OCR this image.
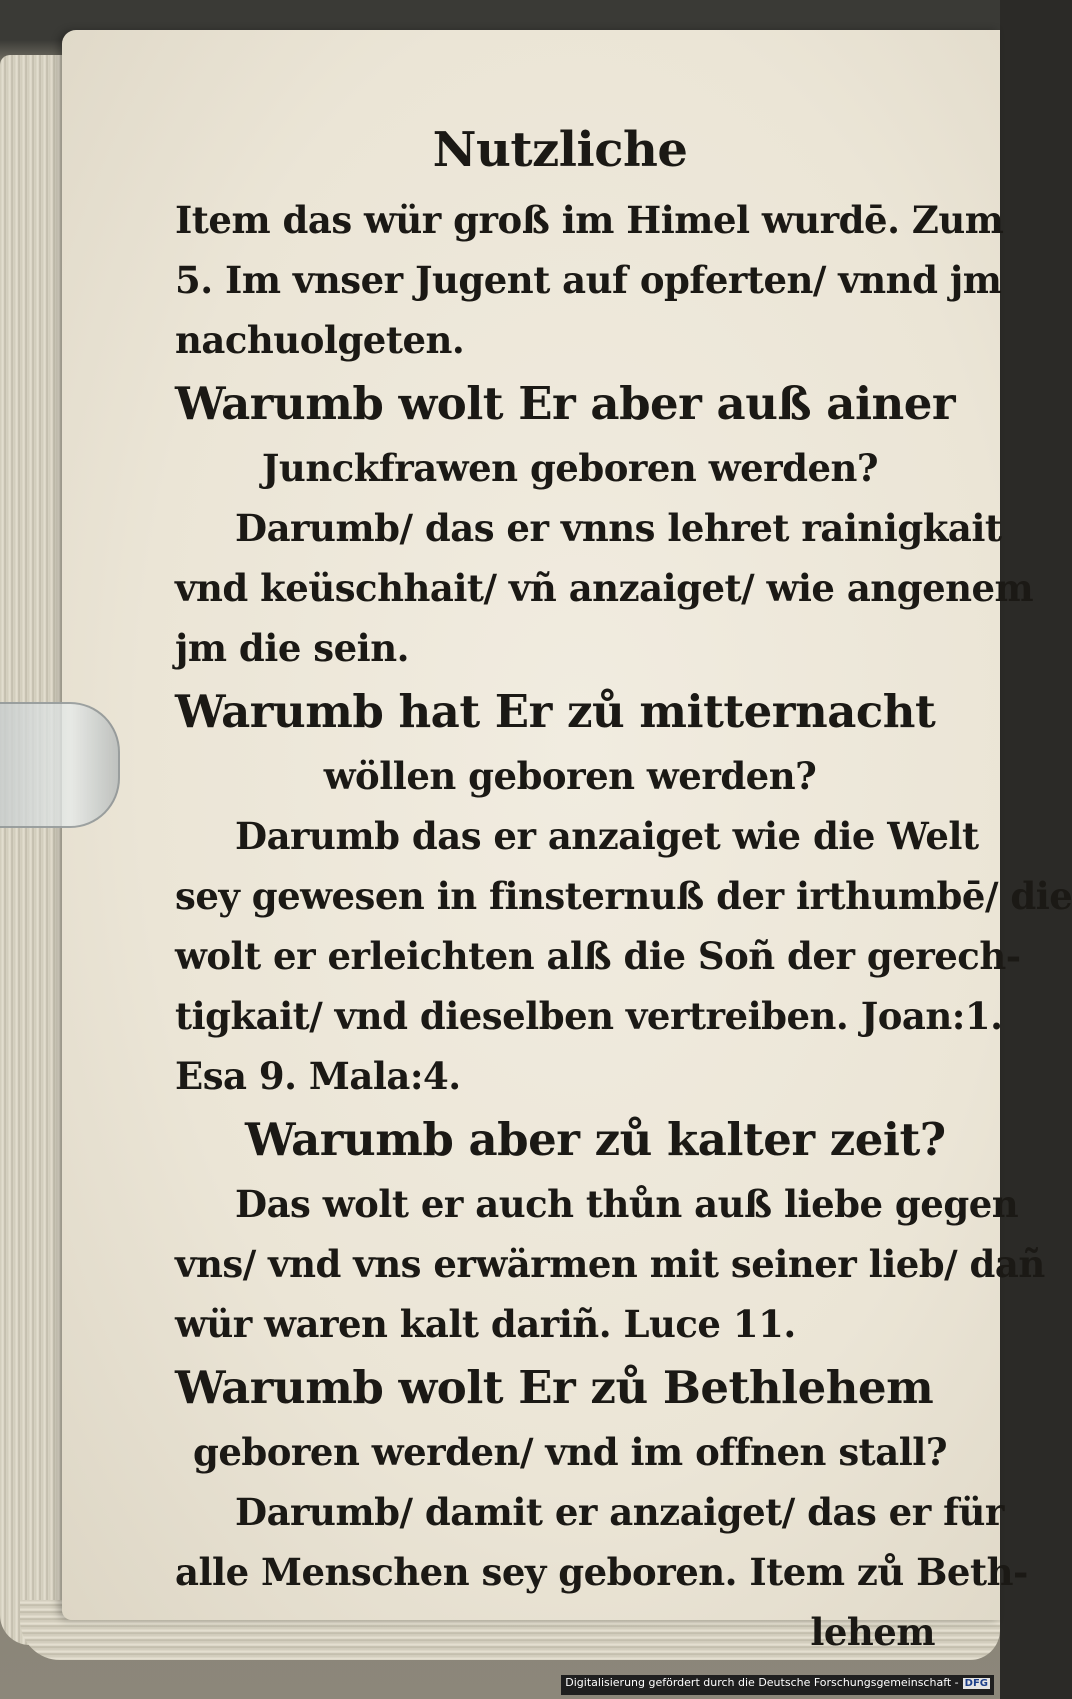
Nutzliche
Item das wür groß im Himel wurdē. Zum
5. Im vnser Jugent auf opferten/ vnnd jm
nachuolgeten.
Warumb wolt Er aber auß ainer
Junckfrawen geboren werden?
Darumb/ das er vnns lehret rainigkait
vnd keüschhait/ vñ anzaiget/ wie angenem
jm die sein.
Warumb hat Er zů mitternacht
wöllen geboren werden?
Darumb das er anzaiget wie die Welt
sey gewesen in finsternuß der irthumbē/ die
wolt er erleichten alß die Soñ der gerech-
tigkait/ vnd dieselben vertreiben. Joan:1.
Esa 9. Mala:4.
Warumb aber zů kalter zeit?
Das wolt er auch thůn auß liebe gegen
vns/ vnd vns erwärmen mit seiner lieb/ dañ
wür waren kalt dariñ. Luce 11.
Warumb wolt Er zů Bethlehem
geboren werden/ vnd im offnen stall?
Darumb/ damit er anzaiget/ das er für
alle Menschen sey geboren. Item zů Beth-
lehem
Digitalisierung gefördert durch die Deutsche Forschungsgemeinschaft - DFG
